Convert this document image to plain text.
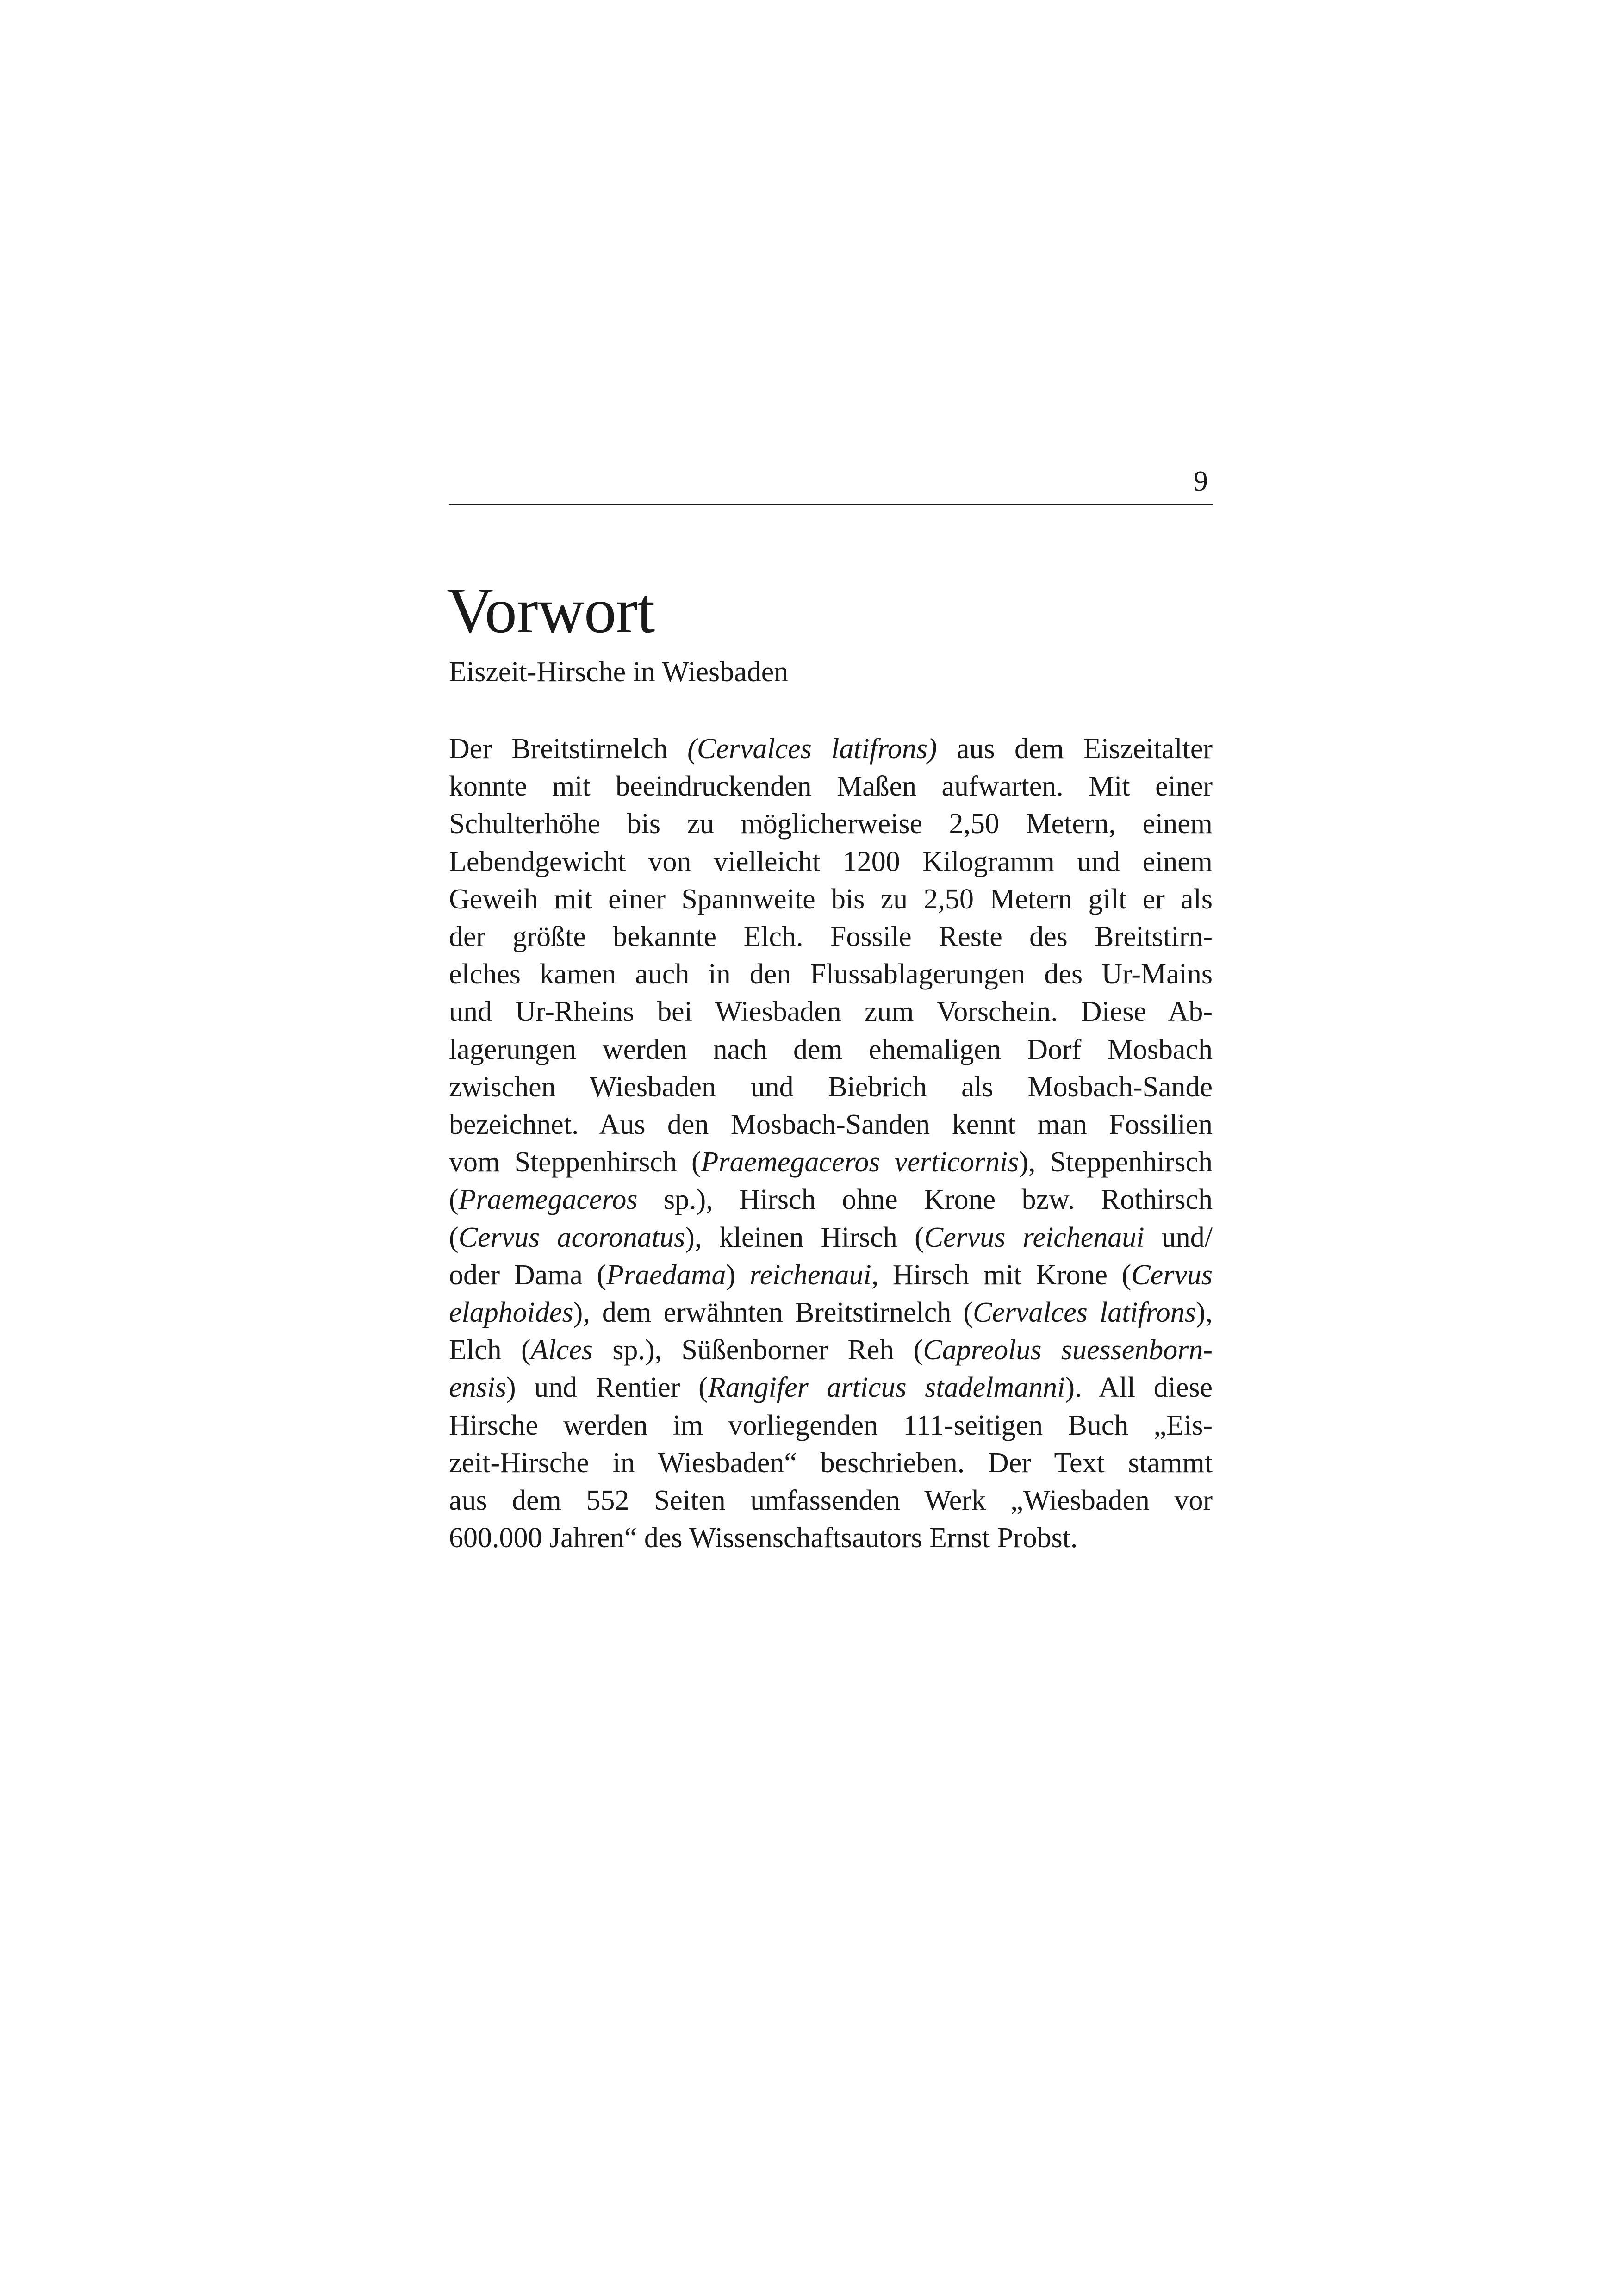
9
Vorwort

Eiszeit-Hirsche in Wiesbaden

Der Breitstirnelch (Cervalces latifrons) aus dem Eiszeitalter
konnte mit beeindruckenden Maßen aufwarten. Mit einer
Schulterhöhe bis zu möglicherweise 2,50 Metern, einem
Lebendgewicht von vielleicht 1200 Kilogramm und einem
Geweih mit einer Spannweite bis zu 2,50 Metern gilt er als
der größte bekannte Elch. Fossile Reste des Breitstirn-
elches kamen auch in den Flussablagerungen des Ur-Mains
und Ur-Rheins bei Wiesbaden zum Vorschein. Diese Ab-
lagerungen werden nach dem ehemaligen Dorf Mosbach
zwischen Wiesbaden und Biebrich als Mosbach-Sande
bezeichnet. Aus den Mosbach-Sanden kennt man Fossilien
vom Steppenhirsch (Praemegaceros verticornis), Steppenhirsch
(Praemegaceros sp.), Hirsch ohne Krone bzw. Rothirsch
(Cervus acoronatus), kleinen Hirsch (Cervus reichenaui und/
oder Dama (Praedama) reichenaui, Hirsch mit Krone (Cervus
elaphoides), dem erwähnten Breitstirnelch (Cervalces latifrons),
Elch (Alces sp.), Süßenborner Reh (Capreolus suessenborn-
ensis) und Rentier (Rangifer articus stadelmanni). All diese
Hirsche werden im vorliegenden 111-seitigen Buch „Eis-
zeit-Hirsche in Wiesbaden“ beschrieben. Der Text stammt
aus dem 552 Seiten umfassenden Werk „Wiesbaden vor
600.000 Jahren“ des Wissenschaftsautors Ernst Probst.
